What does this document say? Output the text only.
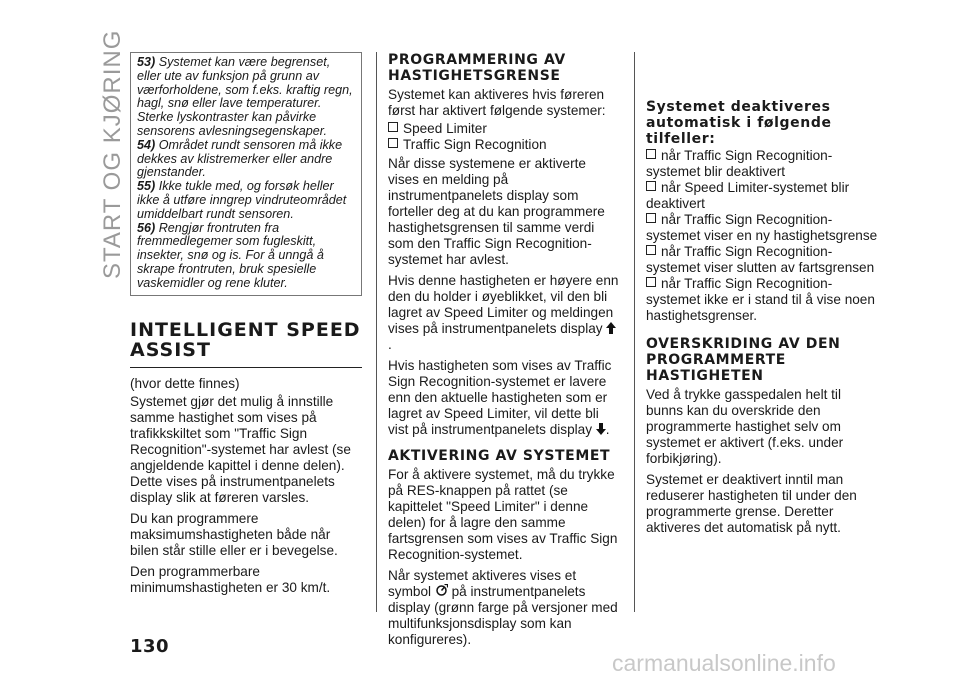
START OG KJØRING 53) Systemet kan være begrenset, eller ute av funksjon på grunn av værforholdene, som f.eks. kraftig regn, hagl, snø eller lave temperaturer. Sterke lyskontraster kan påvirke sensorens avlesningsegenskaper.

54) Området rundt sensoren må ikke dekkes av klistremerker eller andre gjenstander.

55) Ikke tukle med, og forsøk heller ikke å utføre inngrep vindruteområdet umiddelbart rundt sensoren.

56) Rengjør frontruten fra fremmedlegemer som fugleskitt, insekter, snø og is. For å unngå å skrape frontruten, bruk spesielle vaskemidler og rene kluter.

INTELLIGENT SPEED ASSIST

(hvor dette finnes)

Systemet gjør det mulig å innstille samme hastighet som vises på trafikkskiltet som "Traffic Sign Recognition"-systemet har avlest (se angjeldende kapittel i denne delen). Dette vises på instrumentpanelets display slik at føreren varsles.

Du kan programmere maksimumshastigheten både når bilen står stille eller er i bevegelse.

Den programmerbare minimumshastigheten er 30 km/t.

PROGRAMMERING AV HASTIGHETSGRENSE

Systemet kan aktiveres hvis føreren først har aktivert følgende systemer:

Speed Limiter

Traffic Sign Recognition

Når disse systemene er aktiverte vises en melding på instrumentpanelets display som forteller deg at du kan programmere hastighetsgrensen til samme verdi som den Traffic Sign Recognition-systemet har avlest.

Hvis denne hastigheten er høyere enn den du holder i øyeblikket, vil den bli lagret av Speed Limiter og meldingen vises på instrumentpanelets display .

Hvis hastigheten som vises av Traffic Sign Recognition-systemet er lavere enn den aktuelle hastigheten som er lagret av Speed Limiter, vil dette bli vist på instrumentpanelets display .

AKTIVERING AV SYSTEMET

For å aktivere systemet, må du trykke på RES-knappen på rattet (se kapittelet "Speed Limiter" i denne delen) for å lagre den samme fartsgrensen som vises av Traffic Sign Recognition-systemet.

Når systemet aktiveres vises et symbol på instrumentpanelets display (grønn farge på versjoner med multifunksjonsdisplay som kan konfigureres).

Systemet deaktiveres automatisk i følgende tilfeller:

når Traffic Sign Recognition-systemet blir deaktivert

når Speed Limiter-systemet blir deaktivert

når Traffic Sign Recognition-systemet viser en ny hastighetsgrense

når Traffic Sign Recognition-systemet viser slutten av fartsgrensen

når Traffic Sign Recognition-systemet ikke er i stand til å vise noen hastighetsgrenser.

OVERSKRIDING AV DEN PROGRAMMERTE HASTIGHETEN

Ved å trykke gasspedalen helt til bunns kan du overskride den programmerte hastighet selv om systemet er aktivert (f.eks. under forbikjøring).

Systemet er deaktivert inntil man reduserer hastigheten til under den programmerte grense. Deretter aktiveres det automatisk på nytt.

130
carmanualsonline.info
